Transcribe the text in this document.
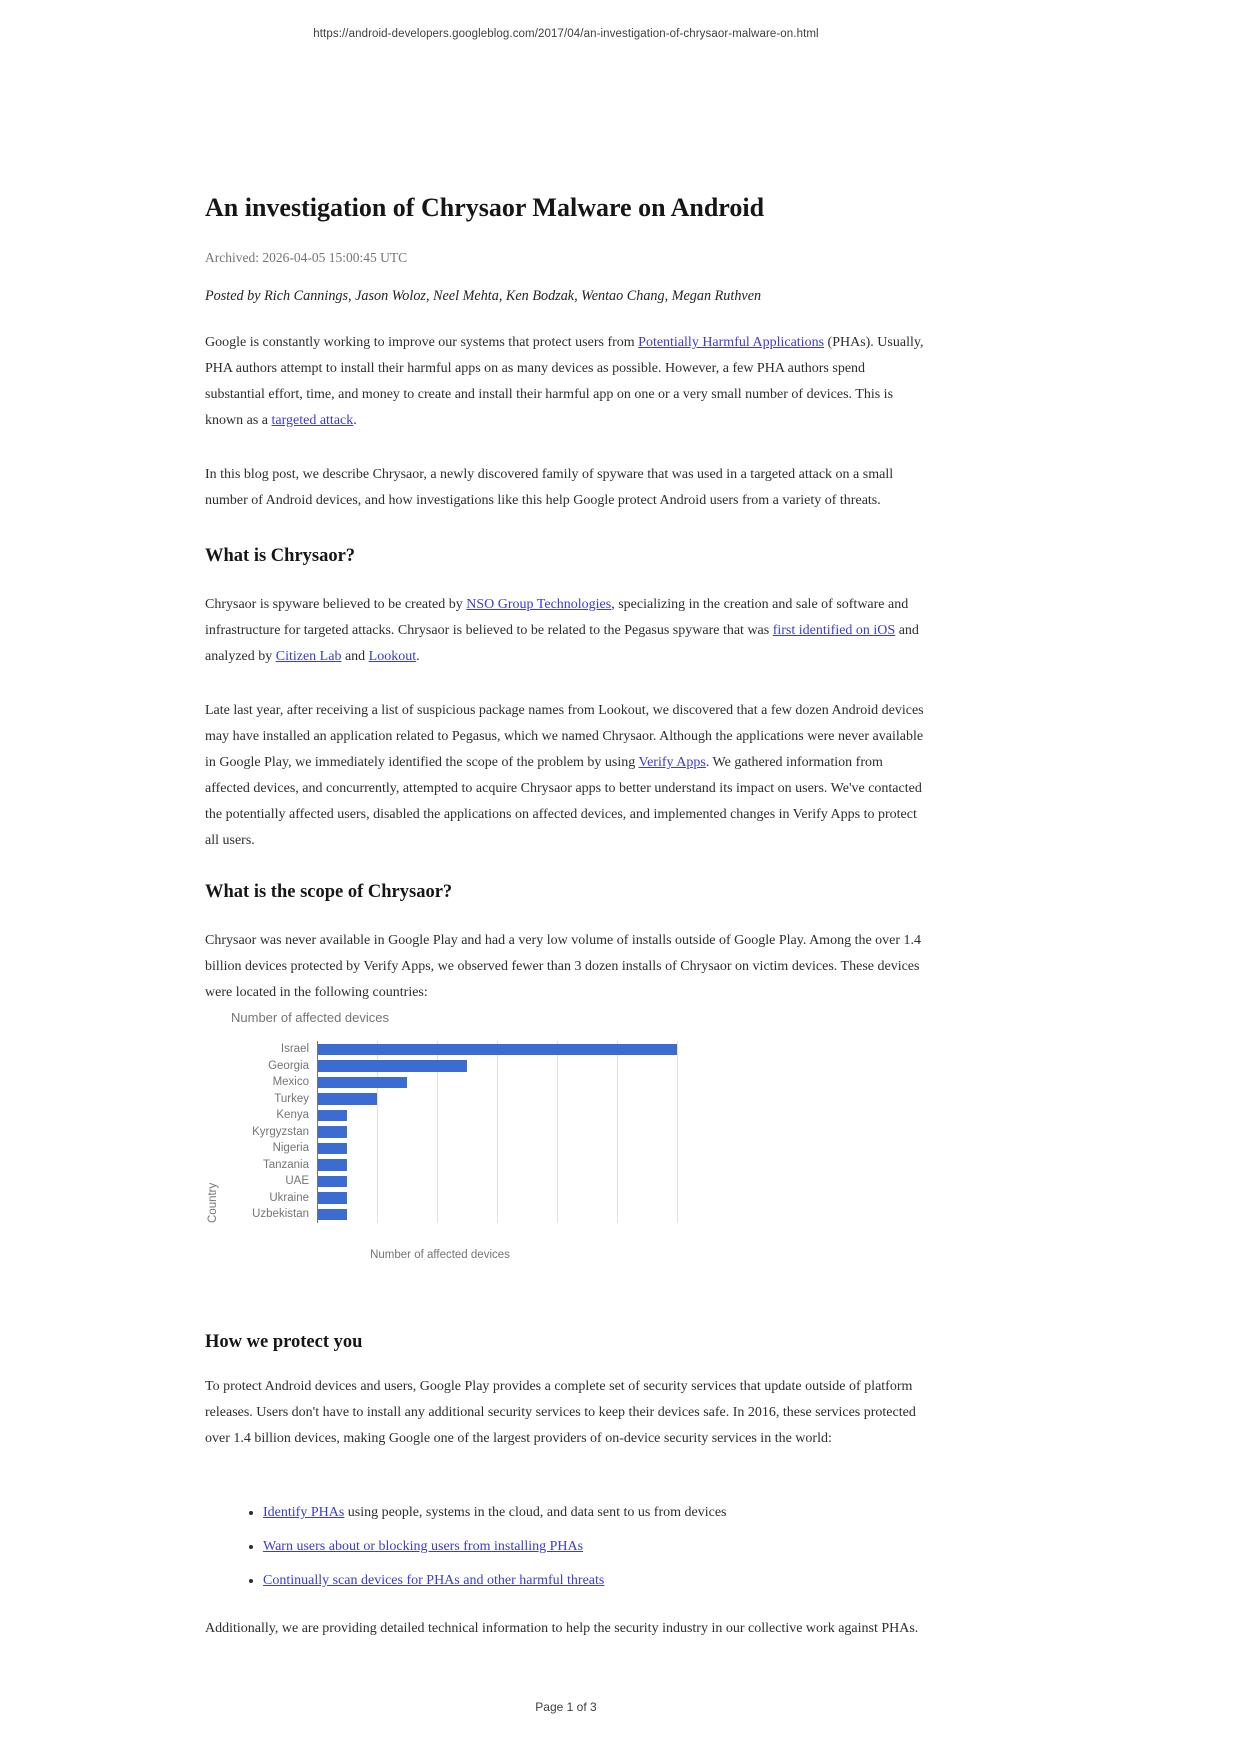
https://android-developers.googleblog.com/2017/04/an-investigation-of-chrysaor-malware-on.html
An investigation of Chrysaor Malware on Android

Archived: 2026-04-05 15:00:45 UTC

Posted by Rich Cannings, Jason Woloz, Neel Mehta, Ken Bodzak, Wentao Chang, Megan Ruthven

Google is constantly working to improve our systems that protect users from Potentially Harmful Applications (PHAs). Usually, PHA authors attempt to install their harmful apps on as many devices as possible. However, a few PHA authors spend substantial effort, time, and money to create and install their harmful app on one or a very small number of devices. This is known as a targeted attack.

In this blog post, we describe Chrysaor, a newly discovered family of spyware that was used in a targeted attack on a small number of Android devices, and how investigations like this help Google protect Android users from a variety of threats.

What is Chrysaor?

Chrysaor is spyware believed to be created by NSO Group Technologies, specializing in the creation and sale of software and infrastructure for targeted attacks. Chrysaor is believed to be related to the Pegasus spyware that was first identified on iOS and analyzed by Citizen Lab and Lookout.

Late last year, after receiving a list of suspicious package names from Lookout, we discovered that a few dozen Android devices may have installed an application related to Pegasus, which we named Chrysaor. Although the applications were never available in Google Play, we immediately identified the scope of the problem by using Verify Apps. We gathered information from affected devices, and concurrently, attempted to acquire Chrysaor apps to better understand its impact on users. We've contacted the potentially affected users, disabled the applications on affected devices, and implemented changes in Verify Apps to protect all users.

What is the scope of Chrysaor?

Chrysaor was never available in Google Play and had a very low volume of installs outside of Google Play. Among the over 1.4 billion devices protected by Verify Apps, we observed fewer than 3 dozen installs of Chrysaor on victim devices. These devices were located in the following countries:

Number of affected devices
Country
Israel
Georgia
Mexico
Turkey
Kenya
Kyrgyzstan
Nigeria
Tanzania
UAE
Ukraine
Uzbekistan
Number of affected devices
How we protect you

To protect Android devices and users, Google Play provides a complete set of security services that update outside of platform releases. Users don't have to install any additional security services to keep their devices safe. In 2016, these services protected over 1.4 billion devices, making Google one of the largest providers of on-device security services in the world:

• Identify PHAs using people, systems in the cloud, and data sent to us from devices
• Warn users about or blocking users from installing PHAs
• Continually scan devices for PHAs and other harmful threats

Additionally, we are providing detailed technical information to help the security industry in our collective work against PHAs.

Page 1 of 3
